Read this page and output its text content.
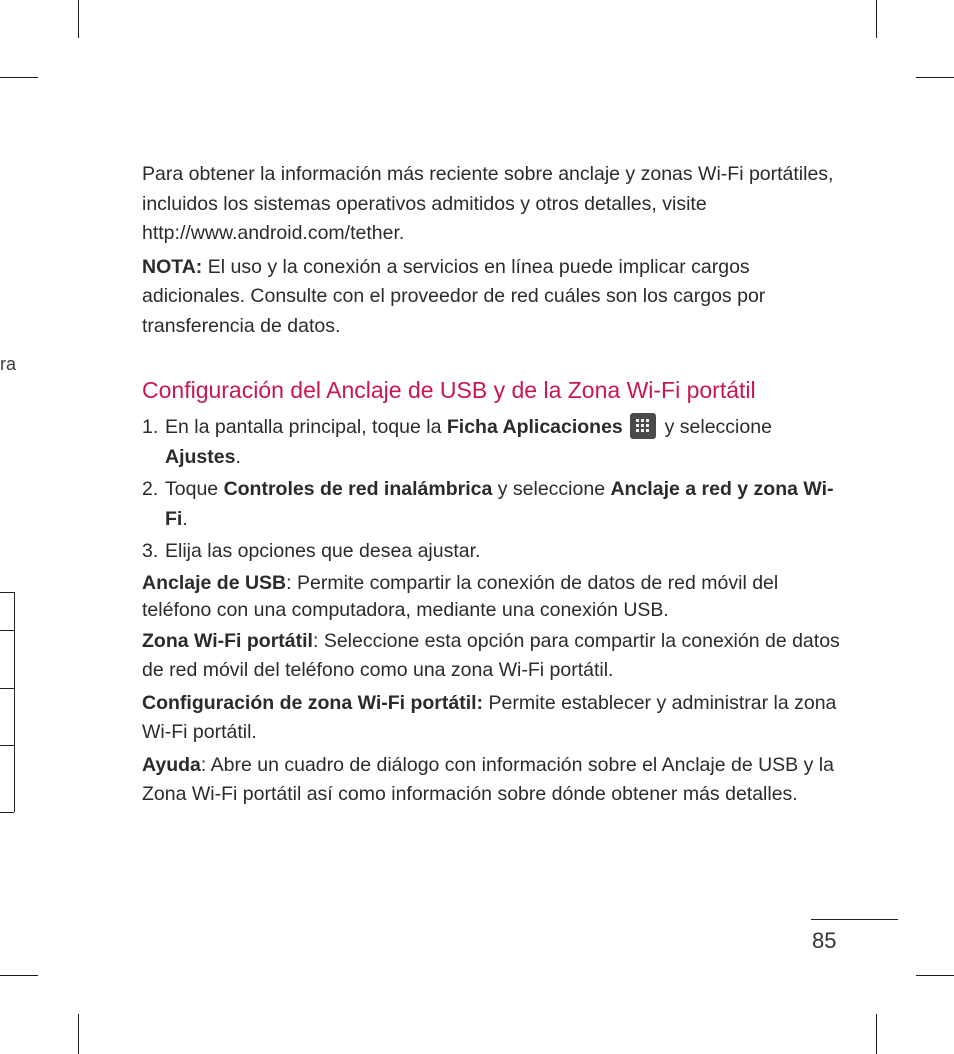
ra

Para obtener la información más reciente sobre anclaje y zonas Wi-Fi portátiles, incluidos los sistemas operativos admitidos y otros detalles, visite http://www.android.com/tether.

NOTA: El uso y la conexión a servicios en línea puede implicar cargos adicionales. Consulte con el proveedor de red cuáles son los cargos por transferencia de datos.

Configuración del Anclaje de USB y de la Zona Wi-Fi portátil
1. En la pantalla principal, toque la Ficha Aplicaciones
y seleccione Ajustes.
2. Toque Controles de red inalámbrica y seleccione Anclaje a red y zona Wi-Fi.
3. Elija las opciones que desea ajustar.

Anclaje de USB: Permite compartir la conexión de datos de red móvil del teléfono con una computadora, mediante una conexión USB.

Zona Wi-Fi portátil: Seleccione esta opción para compartir la conexión de datos de red móvil del teléfono como una zona Wi-Fi portátil.

Configuración de zona Wi-Fi portátil: Permite establecer y administrar la zona Wi-Fi portátil.

Ayuda: Abre un cuadro de diálogo con información sobre el Anclaje de USB y la Zona Wi-Fi portátil así como información sobre dónde obtener más detalles.

85
